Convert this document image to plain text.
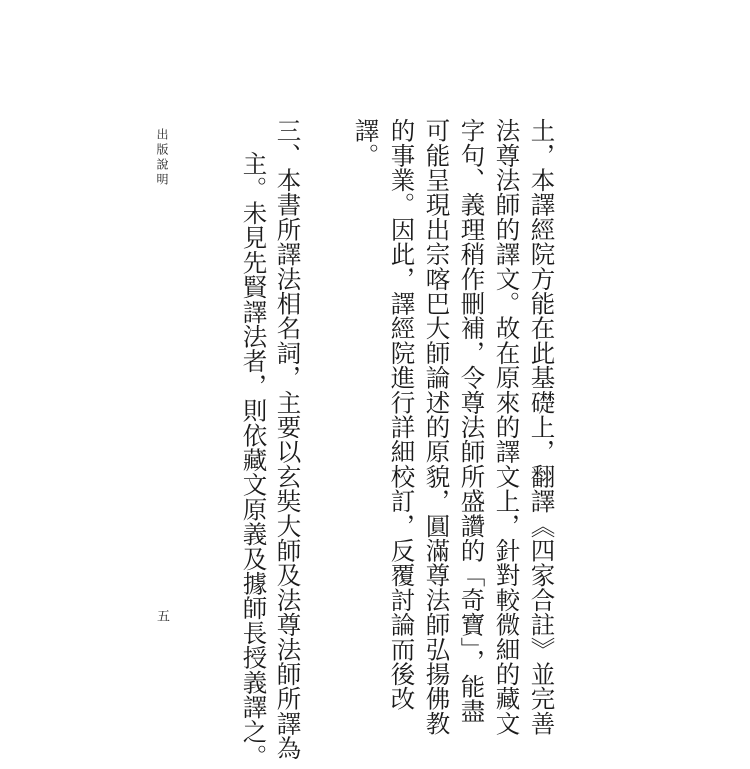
土，本譯經院方能在此基礎上，翻譯《四家合註》並完善
法尊法師的譯文。故在原來的譯文上，針對較微細的藏文
字句、義理稍作刪補，令尊法師所盛讚的「奇寶」，能盡
可能呈現出宗喀巴大師論述的原貌，圓滿尊法師弘揚佛教
的事業。因此，譯經院進行詳細校訂，反覆討論而後改
譯。
三、本書所譯法相名詞，主要以玄奘大師及法尊法師所譯為
主。未見先賢譯法者，則依藏文原義及據師長授義譯之。
出版說明
五
